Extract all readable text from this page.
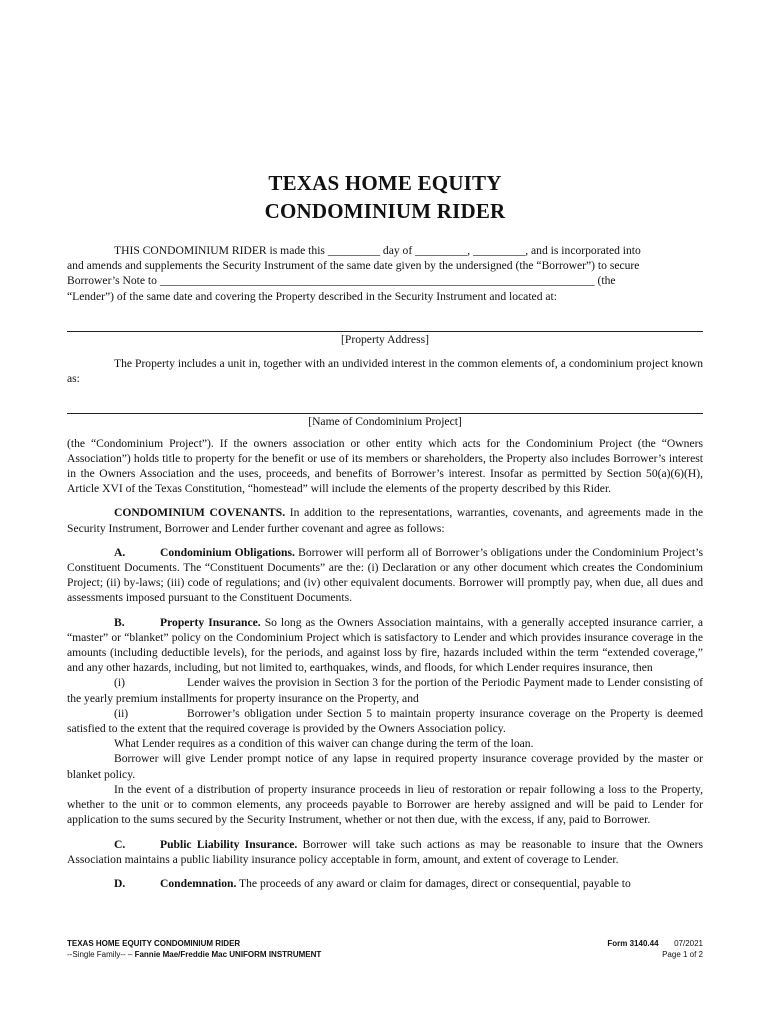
TEXAS HOME EQUITY
CONDOMINIUM RIDER

THIS CONDOMINIUM RIDER is made this _________ day of _________, _________, and is incorporated into

and amends and supplements the Security Instrument of the same date given by the undersigned (the “Borrower”) to secure

Borrower’s Note to ___________________________________________________________________________ (the

“Lender”) of the same date and covering the Property described in the Security Instrument and located at:

[Property Address]

The Property includes a unit in, together with an undivided interest in the common elements of, a condominium project known as:

[Name of Condominium Project]

(the “Condominium Project”). If the owners association or other entity which acts for the Condominium Project (the “Owners Association”) holds title to property for the benefit or use of its members or shareholders, the Property also includes Borrower’s interest in the Owners Association and the uses, proceeds, and benefits of Borrower’s interest. Insofar as permitted by Section 50(a)(6)(H), Article XVI of the Texas Constitution, “homestead” will include the elements of the property described by this Rider.

CONDOMINIUM COVENANTS. In addition to the representations, warranties, covenants, and agreements made in the Security Instrument, Borrower and Lender further covenant and agree as follows:

A.	Condominium Obligations. Borrower will perform all of Borrower’s obligations under the Condominium Project’s Constituent Documents. The “Constituent Documents” are the: (i) Declaration or any other document which creates the Condominium Project; (ii) by-laws; (iii) code of regulations; and (iv) other equivalent documents. Borrower will promptly pay, when due, all dues and assessments imposed pursuant to the Constituent Documents.

B.	Property Insurance. So long as the Owners Association maintains, with a generally accepted insurance carrier, a “master” or “blanket” policy on the Condominium Project which is satisfactory to Lender and which provides insurance coverage in the amounts (including deductible levels), for the periods, and against loss by fire, hazards included within the term “extended coverage,” and any other hazards, including, but not limited to, earthquakes, winds, and floods, for which Lender requires insurance, then

(i)	Lender waives the provision in Section 3 for the portion of the Periodic Payment made to Lender consisting of the yearly premium installments for property insurance on the Property, and

(ii)	Borrower’s obligation under Section 5 to maintain property insurance coverage on the Property is deemed satisfied to the extent that the required coverage is provided by the Owners Association policy.

What Lender requires as a condition of this waiver can change during the term of the loan.

Borrower will give Lender prompt notice of any lapse in required property insurance coverage provided by the master or blanket policy.

In the event of a distribution of property insurance proceeds in lieu of restoration or repair following a loss to the Property, whether to the unit or to common elements, any proceeds payable to Borrower are hereby assigned and will be paid to Lender for application to the sums secured by the Security Instrument, whether or not then due, with the excess, if any, paid to Borrower.

C.	Public Liability Insurance. Borrower will take such actions as may be reasonable to insure that the Owners Association maintains a public liability insurance policy acceptable in form, amount, and extent of coverage to Lender.

D.	Condemnation. The proceeds of any award or claim for damages, direct or consequential, payable to

TEXAS HOME EQUITY CONDOMINIUM RIDER
--Single Family-- – Fannie Mae/Freddie Mac UNIFORM INSTRUMENT
Form 3140.44 07/2021
Page 1 of 2
